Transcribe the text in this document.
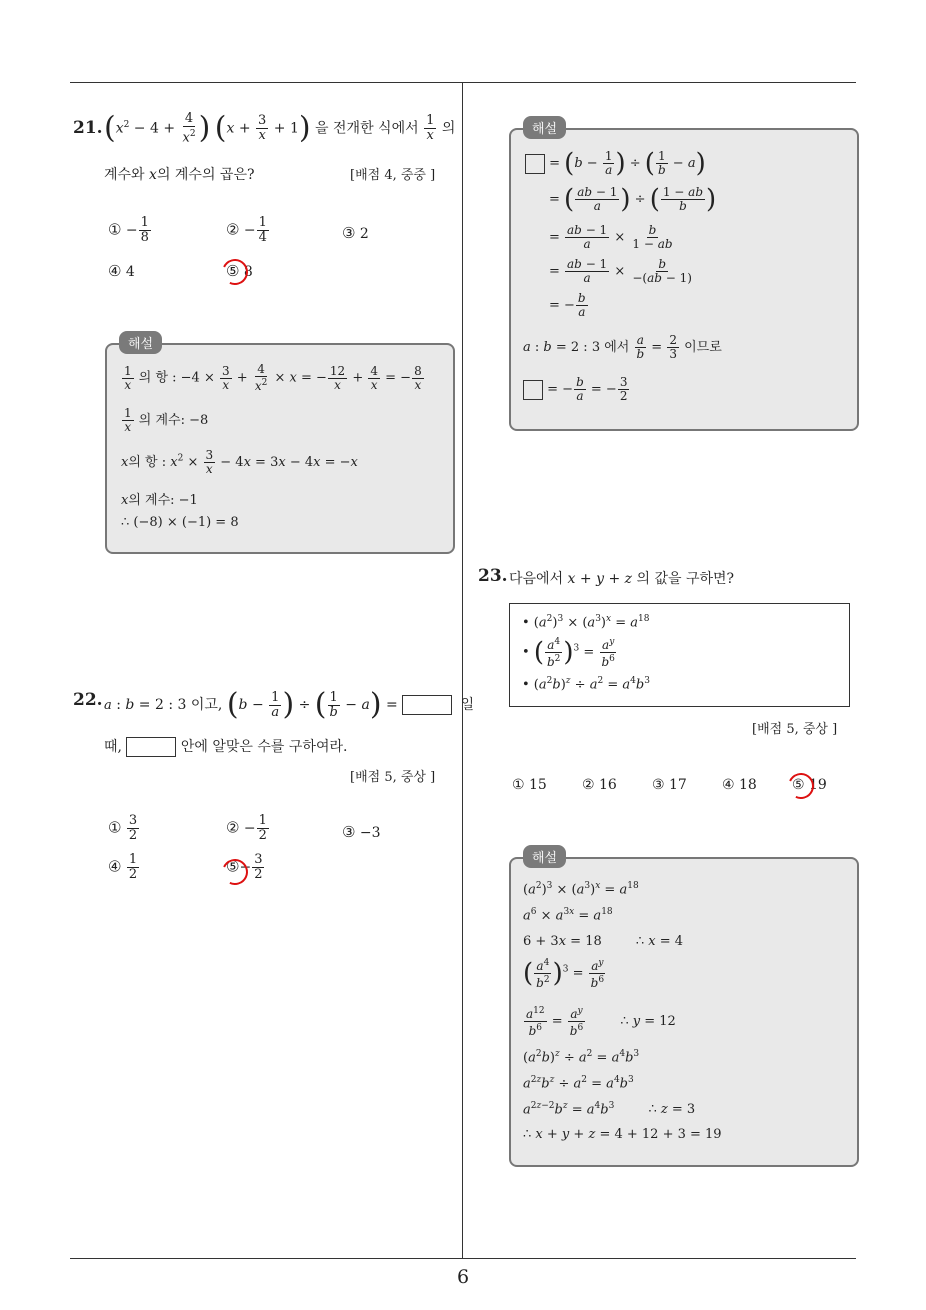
21. ($x^2 - 4 + \frac{4}{x^2}$ ) $(x + \frac{3}{x} + 1)$ 을 전개한 식에서 $\frac{1}{x}$ 의
계수와 x의 계수의 곱은?	[배점 4, 중중 ]
① − $\frac{1}{8}$	② − $\frac{1}{4}$	③ 2
④ 4	⑤ 8
해설
$\frac{1}{x}$ 의 항 : $-4 \times \frac{3}{x} + \frac{4}{x^2} \times x$ = − $\frac{12}{x} + \frac{4}{x}$ = − $\frac{8}{x}$
$\frac{1}{x}$ 의 계수: −8
x의 항 : $x^2 \times \frac{3}{x} - 4x = 3x - 4x = -x$
x의 계수: −1
∴ (−8) × (−1) = 8
22. a : b = 2 : 3 이고, ($b - \frac{1}{a}$ ) ÷ ( $\frac{1}{b} - a$) =	일
때,	안에 알맞은 수를 구하여라.
[배점 5, 중상 ]
① $\frac{3}{2}$	② − $\frac{1}{2}$	③ −3
④ $\frac{1}{2}$	⑤− $\frac{3}{2}$
해설
= ($b - \frac{1}{a}$ ) ÷ ( $\frac{1}{b} - a$)
= ( $\frac{ab - 1}{a}$ ) ÷ ( $\frac{1 - ab}{b}$ )
= $\frac{ab - 1}{a} \times \frac{b}{1 - ab}$
= $\frac{ab - 1}{a} \times \frac{b}{-(ab - 1)}$
= − $\frac{b}{a}$
a : b = 2 : 3 에서 $\frac{a}{b} = \frac{2}{3}$ 이므로
= − $\frac{b}{a}$ = − $\frac{3}{2}$
23. 다음에서 x + y + z 의 값을 구하면?
• $(a^2)^3 \times (a^3)^x = a^{18}$
• ( $\frac{a^4}{b^2} )^3 = \frac{a^y}{b^6}$
• $(a^2b)^z \div a^2 = a^4b^3$
[배점 5, 중상 ]
① 15	② 16	③ 17	④ 18	⑤ 19
해설
$(a^2)^3 \times (a^3)^x = a^{18}$
$a^6 \times a^{3x} = a^{18}$
6 + 3x = 18 ∴ x = 4
( $\frac{a^4}{b^2} )^3 = \frac{a^y}{b^6}$
$\frac{a^{12}}{b^6} = \frac{a^y}{b^6}$	∴ y = 12
$(a^2b)^z \div a^2 = a^4b^3$
$a^{2z}b^z \div a^2 = a^4b^3$
$a^{2z-2}b^z = a^4b^3$	∴ z = 3
∴ x + y + z = 4 + 12 + 3 = 19
6
